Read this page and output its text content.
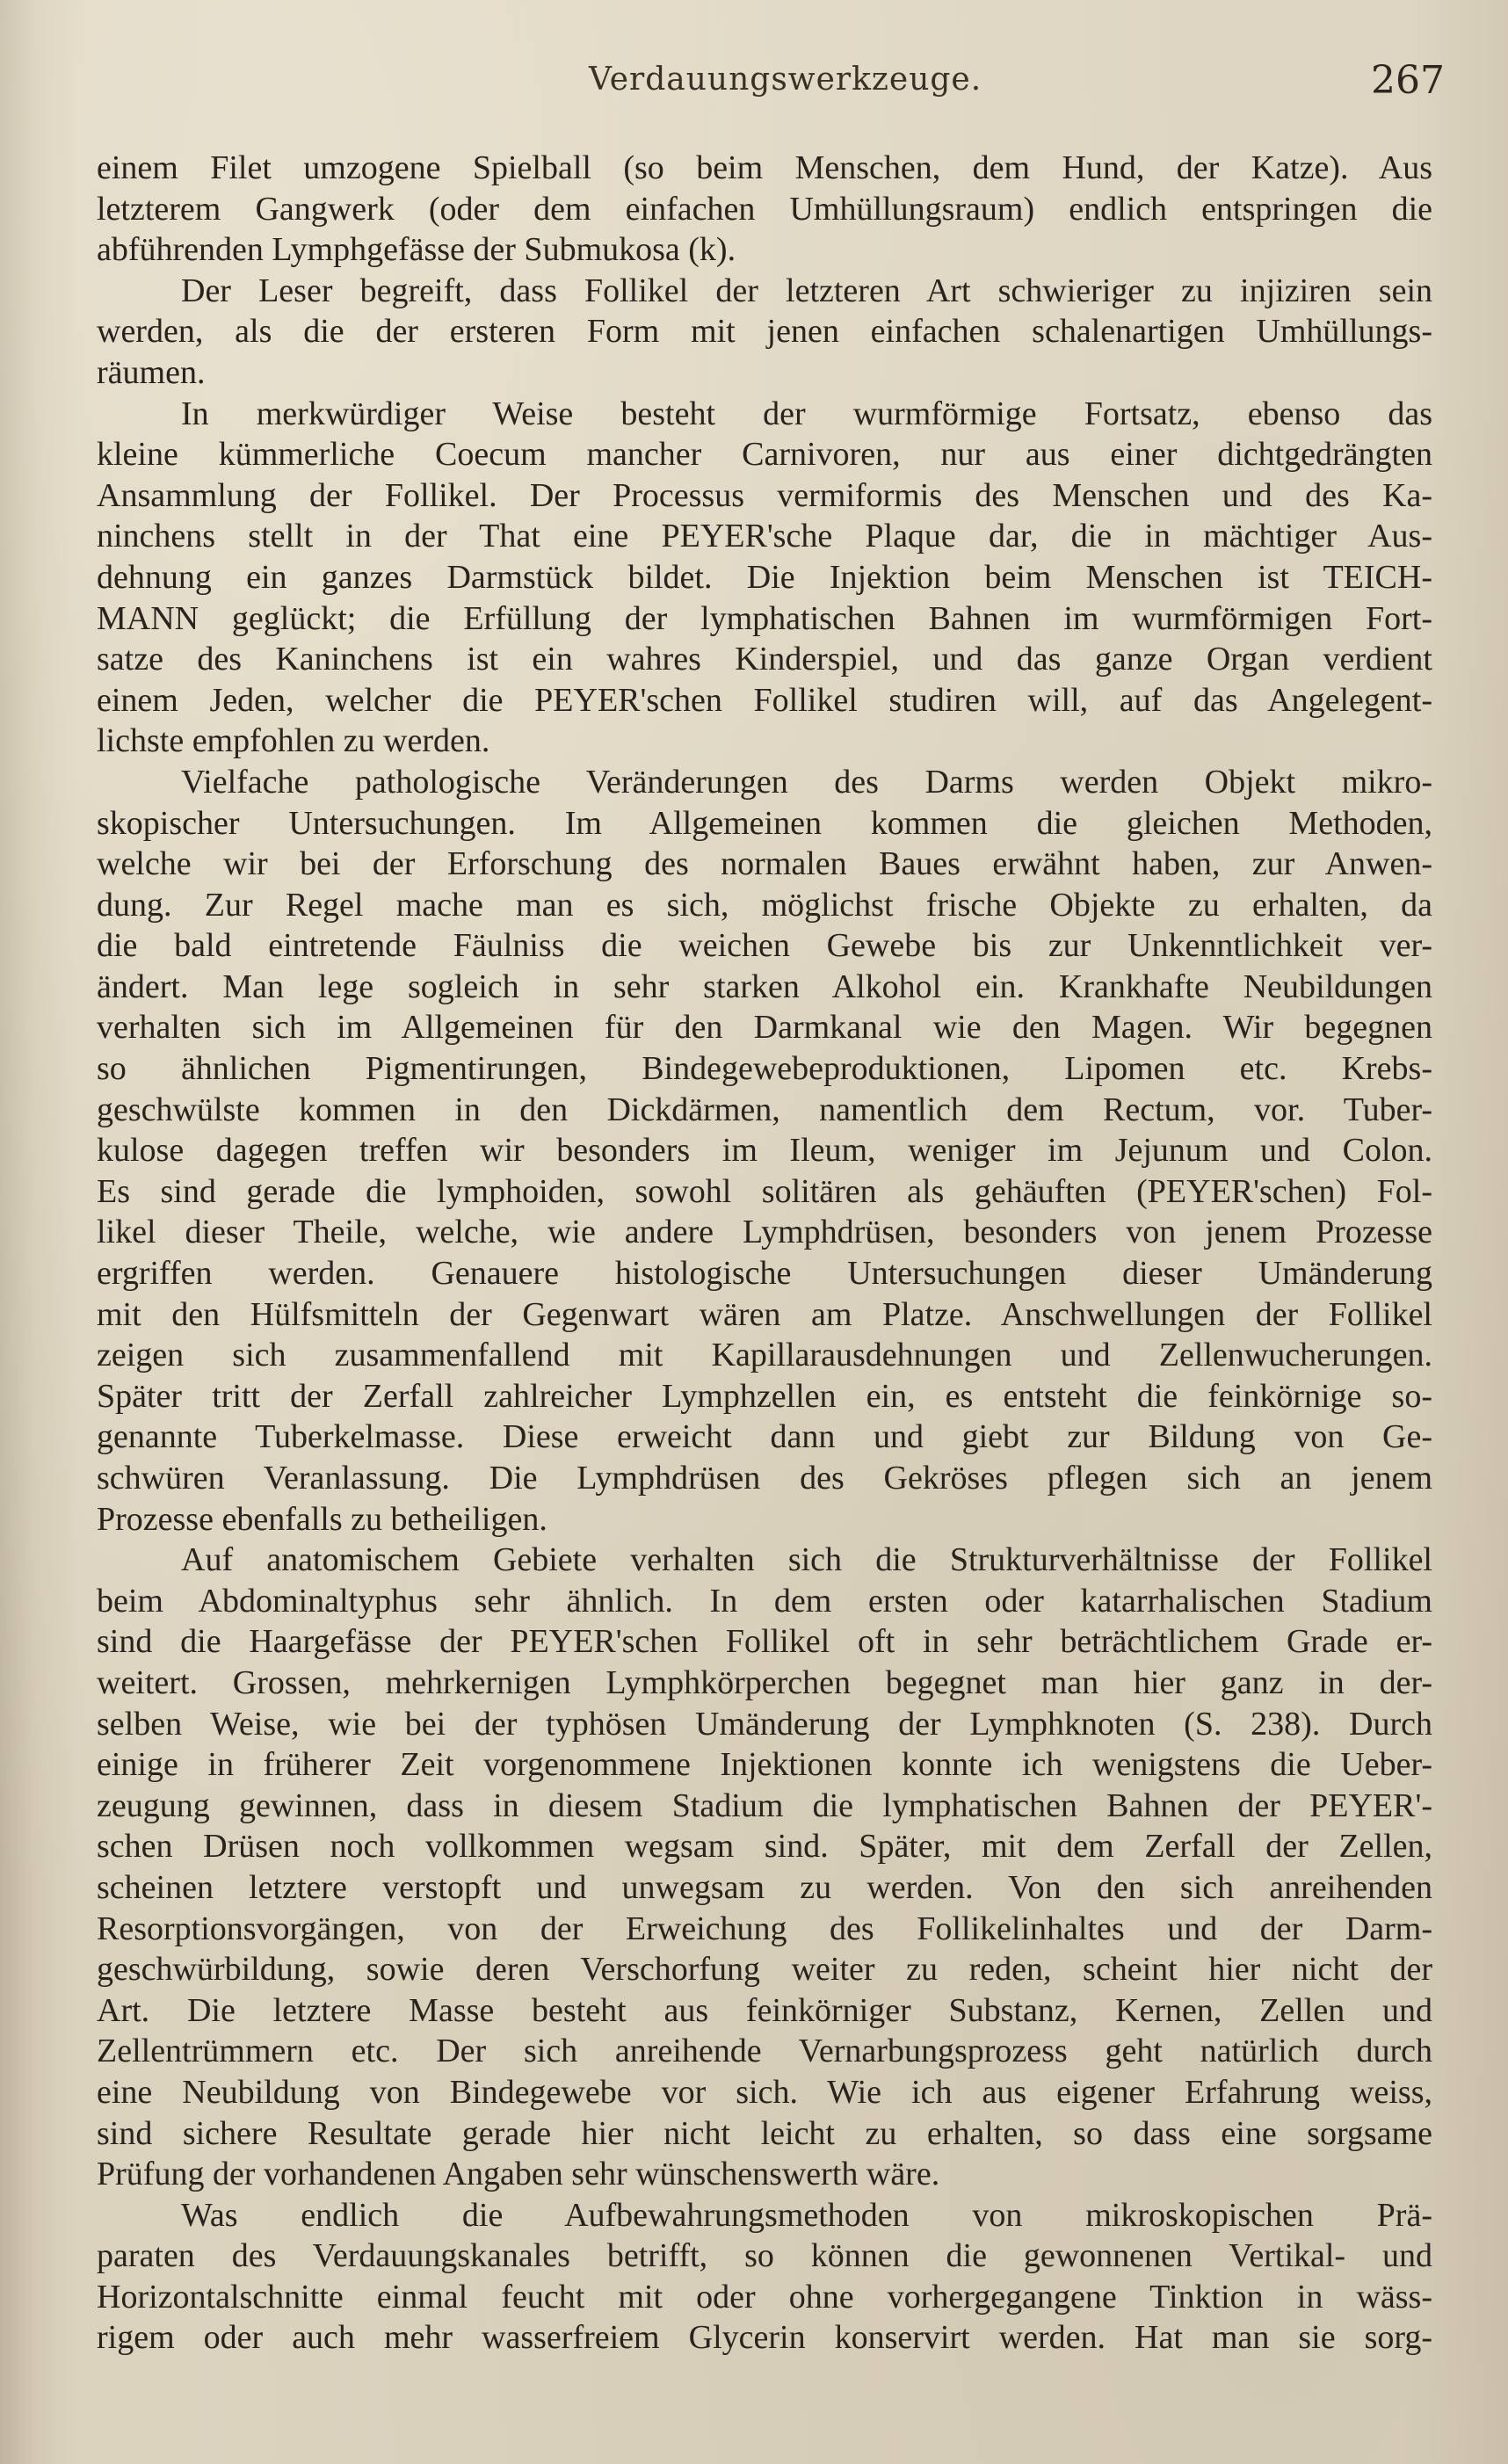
Verdauungswerkzeuge.	267
einem Filet umzogene Spielball (so beim Menschen, dem Hund, der Katze). Aus
letzterem Gangwerk (oder dem einfachen Umhüllungsraum) endlich entspringen die
abführenden Lymphgefässe der Submukosa (k).
Der Leser begreift, dass Follikel der letzteren Art schwieriger zu injiziren sein
werden, als die der ersteren Form mit jenen einfachen schalenartigen Umhüllungs-
räumen.
In merkwürdiger Weise besteht der wurmförmige Fortsatz, ebenso das
kleine kümmerliche Coecum mancher Carnivoren, nur aus einer dichtgedrängten
Ansammlung der Follikel. Der Processus vermiformis des Menschen und des Ka-
ninchens stellt in der That eine PEYER'sche Plaque dar, die in mächtiger Aus-
dehnung ein ganzes Darmstück bildet. Die Injektion beim Menschen ist TEICH-
MANN geglückt; die Erfüllung der lymphatischen Bahnen im wurmförmigen Fort-
satze des Kaninchens ist ein wahres Kinderspiel, und das ganze Organ verdient
einem Jeden, welcher die PEYER'schen Follikel studiren will, auf das Angelegent-
lichste empfohlen zu werden.
Vielfache pathologische Veränderungen des Darms werden Objekt mikro-
skopischer Untersuchungen. Im Allgemeinen kommen die gleichen Methoden,
welche wir bei der Erforschung des normalen Baues erwähnt haben, zur Anwen-
dung. Zur Regel mache man es sich, möglichst frische Objekte zu erhalten, da
die bald eintretende Fäulniss die weichen Gewebe bis zur Unkenntlichkeit ver-
ändert. Man lege sogleich in sehr starken Alkohol ein. Krankhafte Neubildungen
verhalten sich im Allgemeinen für den Darmkanal wie den Magen. Wir begegnen
so ähnlichen Pigmentirungen, Bindegewebeproduktionen, Lipomen etc. Krebs-
geschwülste kommen in den Dickdärmen, namentlich dem Rectum, vor. Tuber-
kulose dagegen treffen wir besonders im Ileum, weniger im Jejunum und Colon.
Es sind gerade die lymphoiden, sowohl solitären als gehäuften (PEYER'schen) Fol-
likel dieser Theile, welche, wie andere Lymphdrüsen, besonders von jenem Prozesse
ergriffen werden. Genauere histologische Untersuchungen dieser Umänderung
mit den Hülfsmitteln der Gegenwart wären am Platze. Anschwellungen der Follikel
zeigen sich zusammenfallend mit Kapillarausdehnungen und Zellenwucherungen.
Später tritt der Zerfall zahlreicher Lymphzellen ein, es entsteht die feinkörnige so-
genannte Tuberkelmasse. Diese erweicht dann und giebt zur Bildung von Ge-
schwüren Veranlassung. Die Lymphdrüsen des Gekröses pflegen sich an jenem
Prozesse ebenfalls zu betheiligen.
Auf anatomischem Gebiete verhalten sich die Strukturverhältnisse der Follikel
beim Abdominaltyphus sehr ähnlich. In dem ersten oder katarrhalischen Stadium
sind die Haargefässe der PEYER'schen Follikel oft in sehr beträchtlichem Grade er-
weitert. Grossen, mehrkernigen Lymphkörperchen begegnet man hier ganz in der-
selben Weise, wie bei der typhösen Umänderung der Lymphknoten (S. 238). Durch
einige in früherer Zeit vorgenommene Injektionen konnte ich wenigstens die Ueber-
zeugung gewinnen, dass in diesem Stadium die lymphatischen Bahnen der PEYER'-
schen Drüsen noch vollkommen wegsam sind. Später, mit dem Zerfall der Zellen,
scheinen letztere verstopft und unwegsam zu werden. Von den sich anreihenden
Resorptionsvorgängen, von der Erweichung des Follikelinhaltes und der Darm-
geschwürbildung, sowie deren Verschorfung weiter zu reden, scheint hier nicht der
Art. Die letztere Masse besteht aus feinkörniger Substanz, Kernen, Zellen und
Zellentrümmern etc. Der sich anreihende Vernarbungsprozess geht natürlich durch
eine Neubildung von Bindegewebe vor sich. Wie ich aus eigener Erfahrung weiss,
sind sichere Resultate gerade hier nicht leicht zu erhalten, so dass eine sorgsame
Prüfung der vorhandenen Angaben sehr wünschenswerth wäre.
Was endlich die Aufbewahrungsmethoden von mikroskopischen Prä-
paraten des Verdauungskanales betrifft, so können die gewonnenen Vertikal- und
Horizontalschnitte einmal feucht mit oder ohne vorhergegangene Tinktion in wäss-
rigem oder auch mehr wasserfreiem Glycerin konservirt werden. Hat man sie sorg-
